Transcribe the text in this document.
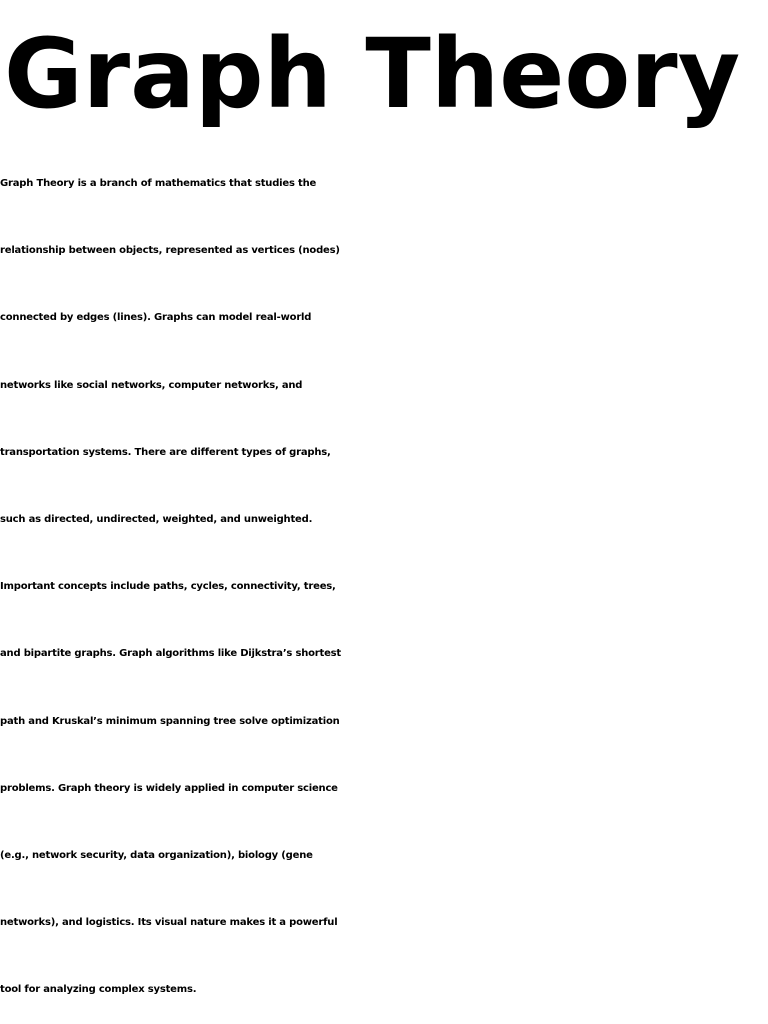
Graph Theory
Graph Theory is a branch of mathematics that studies the
relationship between objects, represented as vertices (nodes)
connected by edges (lines). Graphs can model real-world
networks like social networks, computer networks, and
transportation systems. There are different types of graphs,
such as directed, undirected, weighted, and unweighted.
Important concepts include paths, cycles, connectivity, trees,
and bipartite graphs. Graph algorithms like Dijkstra’s shortest
path and Kruskal’s minimum spanning tree solve optimization
problems. Graph theory is widely applied in computer science
(e.g., network security, data organization), biology (gene
networks), and logistics. Its visual nature makes it a powerful
tool for analyzing complex systems.
